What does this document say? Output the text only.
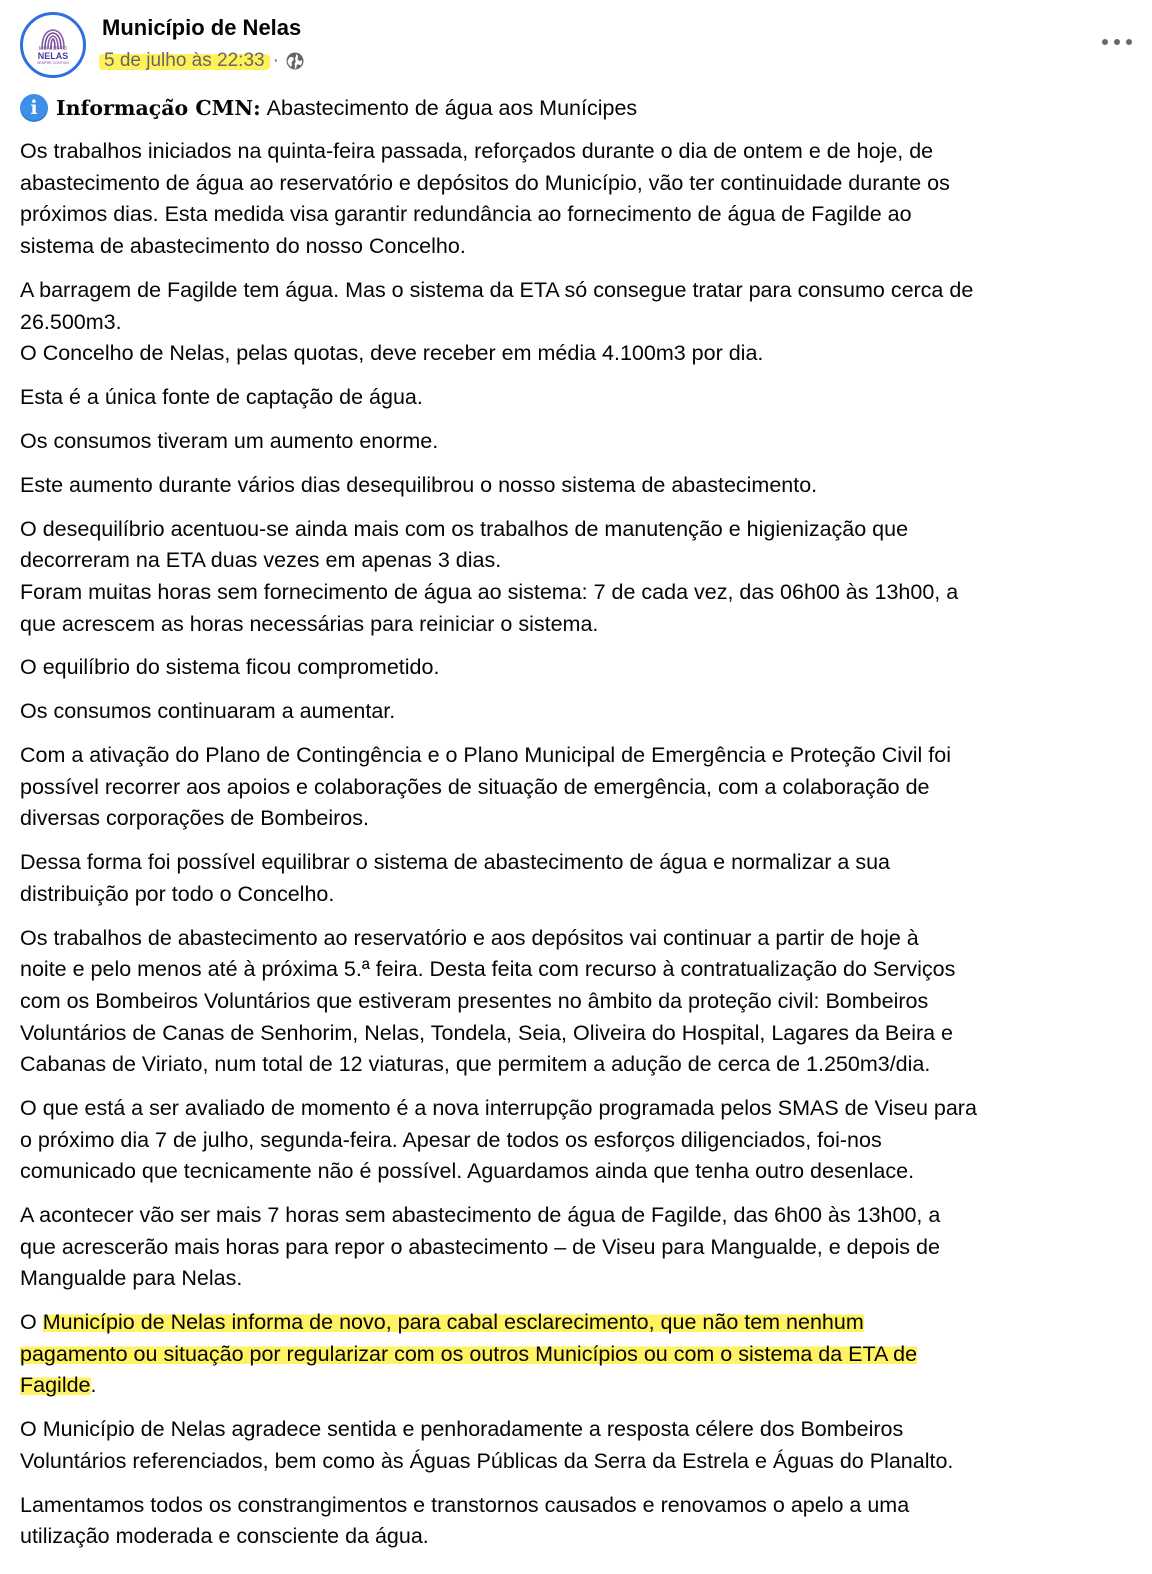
MUNICÍPIO
NELAS
SEMPRE CONTIGO
Município de Nelas
5 de julho às 22:33 ·
i 𝐈𝐧𝐟𝐨𝐫𝐦𝐚𝐜̧𝐚̃𝐨 𝐂𝐌𝐍: Abastecimento de água aos Munícipes

Os trabalhos iniciados na quinta-feira passada, reforçados durante o dia de ontem e de hoje, de
abastecimento de água ao reservatório e depósitos do Município, vão ter continuidade durante os
próximos dias. Esta medida visa garantir redundância ao fornecimento de água de Fagilde ao
sistema de abastecimento do nosso Concelho.

A barragem de Fagilde tem água. Mas o sistema da ETA só consegue tratar para consumo cerca de
26.500m3.
O Concelho de Nelas, pelas quotas, deve receber em média 4.100m3 por dia.

Esta é a única fonte de captação de água.

Os consumos tiveram um aumento enorme.

Este aumento durante vários dias desequilibrou o nosso sistema de abastecimento.

O desequilíbrio acentuou-se ainda mais com os trabalhos de manutenção e higienização que
decorreram na ETA duas vezes em apenas 3 dias.
Foram muitas horas sem fornecimento de água ao sistema: 7 de cada vez, das 06h00 às 13h00, a
que acrescem as horas necessárias para reiniciar o sistema.

O equilíbrio do sistema ficou comprometido.

Os consumos continuaram a aumentar.

Com a ativação do Plano de Contingência e o Plano Municipal de Emergência e Proteção Civil foi
possível recorrer aos apoios e colaborações de situação de emergência, com a colaboração de
diversas corporações de Bombeiros.

Dessa forma foi possível equilibrar o sistema de abastecimento de água e normalizar a sua
distribuição por todo o Concelho.

Os trabalhos de abastecimento ao reservatório e aos depósitos vai continuar a partir de hoje à
noite e pelo menos até à próxima 5.ª feira. Desta feita com recurso à contratualização do Serviços
com os Bombeiros Voluntários que estiveram presentes no âmbito da proteção civil: Bombeiros
Voluntários de Canas de Senhorim, Nelas, Tondela, Seia, Oliveira do Hospital, Lagares da Beira e
Cabanas de Viriato, num total de 12 viaturas, que permitem a adução de cerca de 1.250m3/dia.

O que está a ser avaliado de momento é a nova interrupção programada pelos SMAS de Viseu para
o próximo dia 7 de julho, segunda-feira. Apesar de todos os esforços diligenciados, foi-nos
comunicado que tecnicamente não é possível. Aguardamos ainda que tenha outro desenlace.

A acontecer vão ser mais 7 horas sem abastecimento de água de Fagilde, das 6h00 às 13h00, a
que acrescerão mais horas para repor o abastecimento – de Viseu para Mangualde, e depois de
Mangualde para Nelas.

O Município de Nelas informa de novo, para cabal esclarecimento, que não tem nenhum
pagamento ou situação por regularizar com os outros Municípios ou com o sistema da ETA de
Fagilde.

O Município de Nelas agradece sentida e penhoradamente a resposta célere dos Bombeiros
Voluntários referenciados, bem como às Águas Públicas da Serra da Estrela e Águas do Planalto.

Lamentamos todos os constrangimentos e transtornos causados e renovamos o apelo a uma
utilização moderada e consciente da água.
